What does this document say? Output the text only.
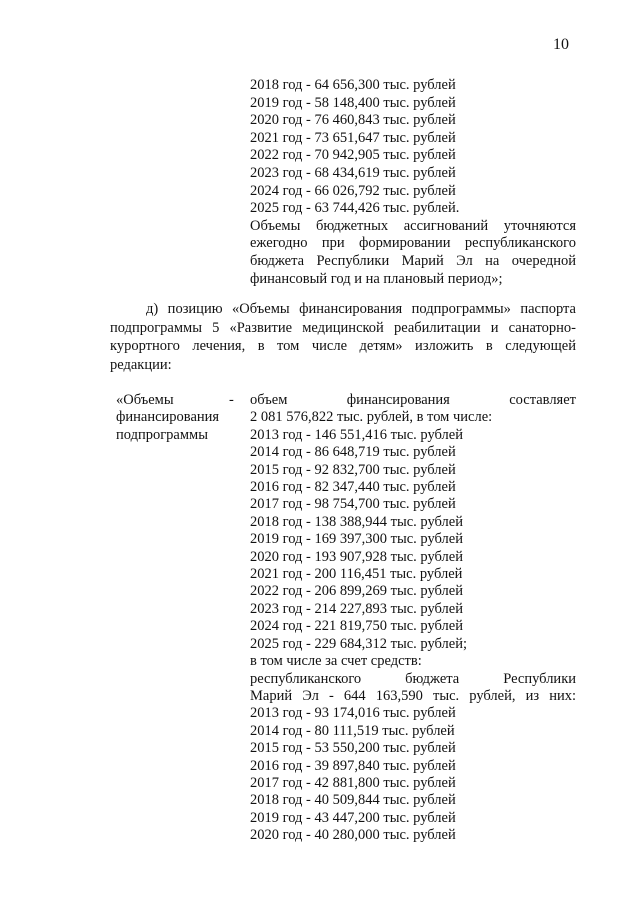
10
2018 год - 64 656,300 тыс. рублей
2019 год - 58 148,400 тыс. рублей
2020 год - 76 460,843 тыс. рублей
2021 год - 73 651,647 тыс. рублей
2022 год - 70 942,905 тыс. рублей
2023 год - 68 434,619 тыс. рублей
2024 год - 66 026,792 тыс. рублей
2025 год - 63 744,426 тыс. рублей.
Объемы бюджетных ассигнований уточняются
ежегодно при формировании республиканского
бюджета Республики Марий Эл на очередной
финансовый год и на плановый период»;
д) позицию «Объемы финансирования подпрограммы» паспорта
подпрограммы 5 «Развитие медицинской реабилитации и санаторно-
курортного лечения, в том числе детям» изложить в следующей
редакции:
«Объемы	-
финансирования
подпрограммы
объем финансирования составляет
2 081 576,822 тыс. рублей, в том числе:
2013 год - 146 551,416 тыс. рублей
2014 год - 86 648,719 тыс. рублей
2015 год - 92 832,700 тыс. рублей
2016 год - 82 347,440 тыс. рублей
2017 год - 98 754,700 тыс. рублей
2018 год - 138 388,944 тыс. рублей
2019 год - 169 397,300 тыс. рублей
2020 год - 193 907,928 тыс. рублей
2021 год - 200 116,451 тыс. рублей
2022 год - 206 899,269 тыс. рублей
2023 год - 214 227,893 тыс. рублей
2024 год - 221 819,750 тыс. рублей
2025 год - 229 684,312 тыс. рублей;
в том числе за счет средств:
республиканского бюджета Республики
Марий Эл - 644 163,590 тыс. рублей, из них:
2013 год - 93 174,016 тыс. рублей
2014 год - 80 111,519 тыс. рублей
2015 год - 53 550,200 тыс. рублей
2016 год - 39 897,840 тыс. рублей
2017 год - 42 881,800 тыс. рублей
2018 год - 40 509,844 тыс. рублей
2019 год - 43 447,200 тыс. рублей
2020 год - 40 280,000 тыс. рублей
